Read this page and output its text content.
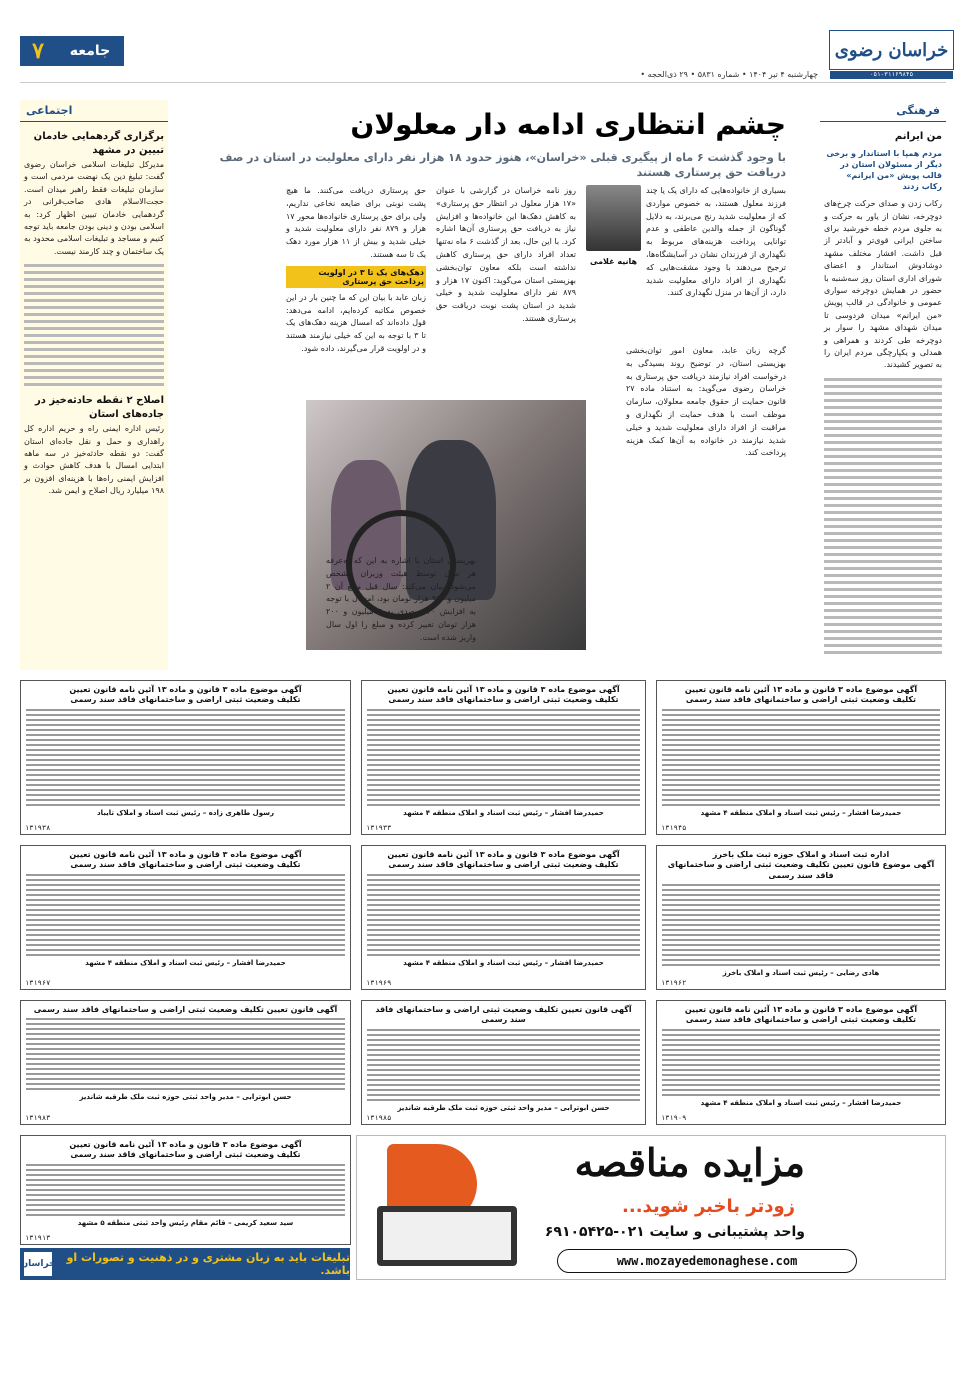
خراسان رضوی
۰۵۱-۳۱۱۶۹۸۴۵
چهارشنبه ۴ تیر ۱۴۰۴ • شماره ۵۸۳۱ • ۲۹ ذی‌الحجه •
جامعه
۷
فرهنگی
من ایرانم
مردم همپا با استاندار و برخی دیگر از مسئولان استان در قالب پویش «من ایرانم» رکاب زدند
رکاب زدن و صدای حرکت چرخ‌های دوچرخه، نشان از یاور به حرکت و به جلوی مردم خطه خورشید برای ساختن ایرانی قوی‌تر و آبادتر از قبل داشت. افشار مختلف مشهد دوشادوش استاندار و اعضای شورای اداری استان روز سه‌شنبه با حضور در همایش دوچرخه سواری عمومی و خانوادگی در قالب پویش «من ایرانم» میدان فردوسی تا میدان شهدای مشهد را سوار بر دوچرخه طی کردند و همراهی و همدلی و یکپارچگی مردم ایران را به تصویر کشیدند.
اجتماعی
برگزاری گردهمایی خادمان تبیین در مشهد
مدیرکل تبلیغات اسلامی خراسان رضوی گفت: تبلیغ دین یک نهضت مردمی است و سازمان تبلیغات فقط راهبر میدان است. حجت‌الاسلام هادی صاحب‌قرانی در گردهمایی خادمان تبیین اظهار کرد: به اسلامی بودن و دینی بودن جامعه باید توجه کنیم و مساجد و تبلیغات اسلامی محدود به یک ساختمان و چند کارمند نیست.
اصلاح ۲ نقطه حادثه‌خیز در جاده‌های استان
رئیس اداره ایمنی راه و حریم اداره کل راهداری و حمل و نقل جاده‌ای استان گفت: دو نقطه حادثه‌خیز در سه ماهه ابتدایی امسال با هدف کاهش حوادث و افزایش ایمنی راه‌ها با هزینه‌ای افزون بر ۱۹۸ میلیارد ریال اصلاح و ایمن شد.
چشم انتظاری ادامه دار معلولان
با وجود گذشت ۶ ماه از پیگیری قبلی «خراسان»، هنوز حدود ۱۸ هزار نفر دارای معلولیت در استان در صف دریافت حق پرستاری هستند
بسیاری از خانواده‌هایی که دارای یک یا چند فرزند معلول هستند، به خصوص مواردی که از معلولیت شدید رنج می‌برند، به دلایل گوناگون از جمله والدین عاطفی و عدم توانایی پرداخت هزینه‌های مربوط به نگهداری از فرزندان نشان در آسایشگاه‌ها، ترجیح می‌دهند با وجود مشقت‌هایی که نگهداری از افراد دارای معلولیت شدید دارد، از آن‌ها در منزل نگهداری کنند.
هانیه غلامی
روز نامه خراسان در گزارشی با عنوان «۱۷ هزار معلول در انتظار حق پرستاری» به کاهش دهک‌ها این خانواده‌ها و افزایش نیاز به دریافت حق پرستاری آن‌ها اشاره کرد. با این حال، بعد از گذشت ۶ ماه نه‌تنها تعداد افراد دارای حق پرستاری کاهش نداشته است بلکه معاون توان‌بخشی بهزیستی استان می‌گوید: اکنون ۱۷ هزار و ۸۷۹ نفر دارای معلولیت شدید و خیلی شدید در استان پشت نوبت دریافت حق پرستاری هستند.
حق پرستاری دریافت می‌کنند. ما هیچ پشت نوبتی برای ضایعه نخاعی نداریم، ولی برای حق پرستاری خانواده‌ها محور ۱۷ هزار و ۸۷۹ نفر دارای معلولیت شدید و خیلی شدید و بیش از ۱۱ هزار مورد دهک یک تا سه هستند.
دهک‌های یک تا ۳ در اولویت پرداخت حق پرستاری
زبان عابد با بیان این که ما چنین بار در این خصوص مکاتبه کرده‌ایم، ادامه می‌دهد: قول داده‌اند که امسال هزینه دهک‌های یک تا ۳ با توجه به این که خیلی نیازمند هستند و در اولویت قرار می‌گیرند، داده شود.	گرچه زبان عابد، معاون امور توان‌بخشی بهزیستی استان، در توضیح روند بسیدگی به درخواست افراد نیازمند دریافت حق پرستاری به خراسان رضوی می‌گوید: به استناد ماده ۲۷ قانون حمایت از حقوق جامعه معلولان، سازمان موظف است با هدف حمایت از نگهداری و مراقبت از افراد دارای معلولیت شدید و خیلی شدید نیازمند در خانواده به آن‌ها کمک هزینه پرداخت کند.
بهزیستی استان با اشاره به این که به‌عرفه هر سال توسط هیئت وزیران مشخص می‌شود، بیان می‌کند: سال قبل مبلغ آن ۲ میلیون و ۹۴۰ هزار تومان بود، امسال با توجه به افزایش ۲۰ درصدی به ۴ میلیون و ۲۰۰ هزار تومان تغییر کرده و مبلغ را اول سال واریز شده است.
آگهی موضوع ماده ۳ قانون و ماده ۱۳ آئین نامه قانون تعیین
تکلیف وضعیت ثبتی اراضی و ساختمانهای فاقد سند رسمی
حمیدرضا افشار – رئیس ثبت اسناد و املاک منطقه ۴ مشهد
۱۳۱۹۴۵
آگهی موضوع ماده ۳ قانون و ماده ۱۳ آئین نامه قانون تعیین
تکلیف وضعیت ثبتی اراضی و ساختمانهای فاقد سند رسمی
حمیدرضا افشار – رئیس ثبت اسناد و املاک منطقه ۴ مشهد
۱۳۱۹۳۳
آگهی موضوع ماده ۳ قانون و ماده ۱۳ آئین نامه قانون تعیین
تکلیف وضعیت ثبتی اراضی و ساختمانهای فاقد سند رسمی
رسول طاهری زاده – رئیس ثبت اسناد و املاک تایباد
۱۳۱۹۳۸
اداره ثبت اسناد و املاک حوزه ثبت ملک باخرز
آگهی موضوع قانون تعیین تکلیف وضعیت ثبتی اراضی و ساختمانهای فاقد سند رسمی
هادی رضایی – رئیس ثبت اسناد و املاک باخرز
۱۳۱۹۶۲
آگهی موضوع ماده ۳ قانون و ماده ۱۳ آئین نامه قانون تعیین
تکلیف وضعیت ثبتی اراضی و ساختمانهای فاقد سند رسمی
حمیدرضا افشار – رئیس ثبت اسناد و املاک منطقه ۴ مشهد
۱۳۱۹۶۹
آگهی موضوع ماده ۳ قانون و ماده ۱۳ آئین نامه قانون تعیین
تکلیف وضعیت ثبتی اراضی و ساختمانهای فاقد سند رسمی
حمیدرضا افشار – رئیس ثبت اسناد و املاک منطقه ۴ مشهد
۱۳۱۹۶۷
آگهی موضوع ماده ۳ قانون و ماده ۱۳ آئین نامه قانون تعیین
تکلیف وضعیت ثبتی اراضی و ساختمانهای فاقد سند رسمی
حمیدرضا افشار – رئیس ثبت اسناد و املاک منطقه ۴ مشهد
۱۳۱۹۰۹
آگهی قانون تعیین تکلیف وضعیت ثبتی اراضی و ساختمانهای فاقد سند رسمی
حسن ابوترابی – مدیر واحد ثبتی حوزه ثبت ملک طرقبه شاندیز
۱۳۱۹۸۵
آگهی قانون تعیین تکلیف وضعیت ثبتی اراضی و ساختمانهای فاقد سند رسمی
حسن ابوترابی – مدیر واحد ثبتی حوزه ثبت ملک طرقبه شاندیز
۱۳۱۹۸۳
مزایده مناقصه
زودتر باخبر شوید...
واحد پشتیبانی و سایت ۰۲۱-۶۹۱۰۵۴۲۵
www.mozayedemonaghese.com
آگهی موضوع ماده ۳ قانون و ماده ۱۳ آئین نامه قانون تعیین
تکلیف وضعیت ثبتی اراضی و ساختمانهای فاقد سند رسمی
سید سعید کریمی – قائم مقام رئیس واحد ثبتی منطقه ۵ مشهد
۱۳۱۹۱۳
خراسان	تبلیغات باید به زبان مشتری و در ذهنیت و تصورات او باشد.
